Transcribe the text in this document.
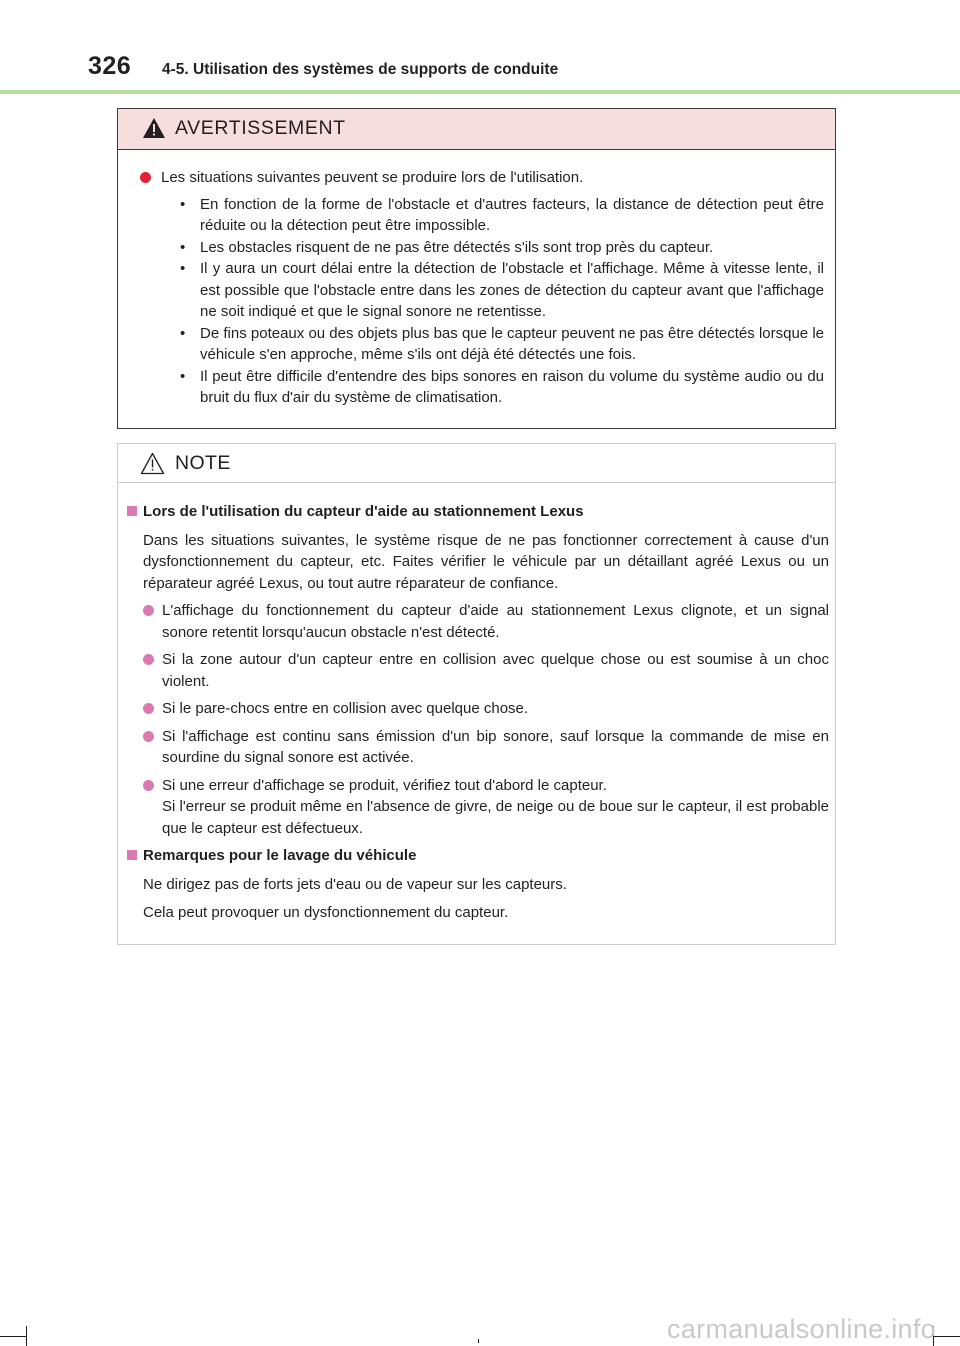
326 4-5. Utilisation des systèmes de supports de conduite
AVERTISSEMENT
Les situations suivantes peuvent se produire lors de l'utilisation.
• En fonction de la forme de l'obstacle et d'autres facteurs, la distance de détection peut être réduite ou la détection peut être impossible.
• Les obstacles risquent de ne pas être détectés s'ils sont trop près du capteur.
• Il y aura un court délai entre la détection de l'obstacle et l'affichage. Même à vitesse lente, il est possible que l'obstacle entre dans les zones de détection du capteur avant que l'affichage ne soit indiqué et que le signal sonore ne retentisse.
• De fins poteaux ou des objets plus bas que le capteur peuvent ne pas être détectés lorsque le véhicule s'en approche, même s'ils ont déjà été détectés une fois.
• Il peut être difficile d'entendre des bips sonores en raison du volume du système audio ou du bruit du flux d'air du système de climatisation.
NOTE
Lors de l'utilisation du capteur d'aide au stationnement Lexus
Dans les situations suivantes, le système risque de ne pas fonctionner correctement à cause d'un dysfonctionnement du capteur, etc. Faites vérifier le véhicule par un détaillant agréé Lexus ou un réparateur agréé Lexus, ou tout autre réparateur de confiance.
L'affichage du fonctionnement du capteur d'aide au stationnement Lexus clignote, et un signal sonore retentit lorsqu'aucun obstacle n'est détecté.
Si la zone autour d'un capteur entre en collision avec quelque chose ou est soumise à un choc violent.
Si le pare-chocs entre en collision avec quelque chose.
Si l'affichage est continu sans émission d'un bip sonore, sauf lorsque la commande de mise en sourdine du signal sonore est activée.
Si une erreur d'affichage se produit, vérifiez tout d'abord le capteur.
Si l'erreur se produit même en l'absence de givre, de neige ou de boue sur le capteur, il est probable que le capteur est défectueux.
Remarques pour le lavage du véhicule
Ne dirigez pas de forts jets d'eau ou de vapeur sur les capteurs.
Cela peut provoquer un dysfonctionnement du capteur.
carmanualsonline.info
